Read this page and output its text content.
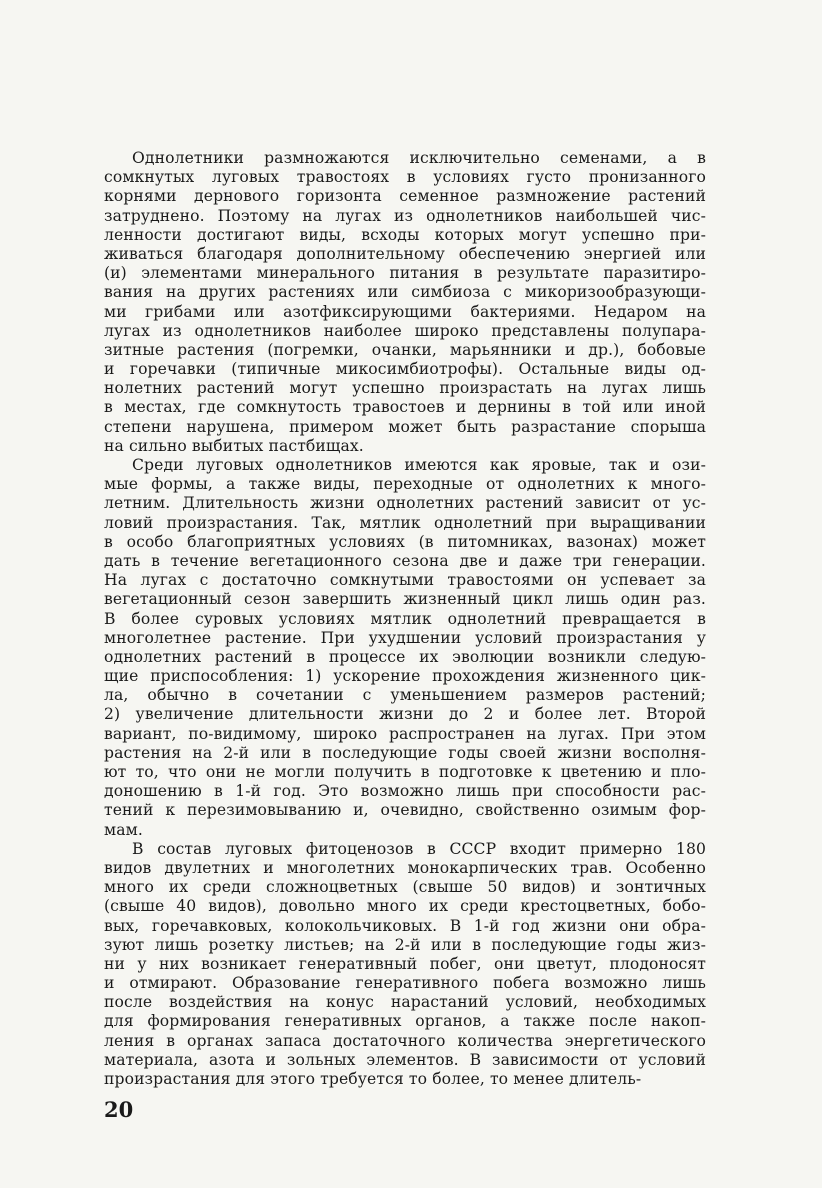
Однолетники размножаются исключительно семенами, а в
сомкнутых луговых травостоях в условиях густо пронизанного
корнями дернового горизонта семенное размножение растений
затруднено. Поэтому на лугах из однолетников наибольшей чис-
ленности достигают виды, всходы которых могут успешно при-
живаться благодаря дополнительному обеспечению энергией или
(и) элементами минерального питания в результате паразитиро-
вания на других растениях или симбиоза с микоризообразующи-
ми грибами или азотфиксирующими бактериями. Недаром на
лугах из однолетников наиболее широко представлены полупара-
зитные растения (погремки, очанки, марьянники и др.), бобовые
и горечавки (типичные микосимбиотрофы). Остальные виды од-
нолетних растений могут успешно произрастать на лугах лишь
в местах, где сомкнутость травостоев и дернины в той или иной
степени нарушена, примером может быть разрастание спорыша
на сильно выбитых пастбищах.
Среди луговых однолетников имеются как яровые, так и ози-
мые формы, а также виды, переходные от однолетних к много-
летним. Длительность жизни однолетних растений зависит от ус-
ловий произрастания. Так, мятлик однолетний при выращивании
в особо благоприятных условиях (в питомниках, вазонах) может
дать в течение вегетационного сезона две и даже три генерации.
На лугах с достаточно сомкнутыми травостоями он успевает за
вегетационный сезон завершить жизненный цикл лишь один раз.
В более суровых условиях мятлик однолетний превращается в
многолетнее растение. При ухудшении условий произрастания у
однолетних растений в процессе их эволюции возникли следую-
щие приспособления: 1) ускорение прохождения жизненного цик-
ла, обычно в сочетании с уменьшением размеров растений;
2) увеличение длительности жизни до 2 и более лет. Второй
вариант, по-видимому, широко распространен на лугах. При этом
растения на 2-й или в последующие годы своей жизни восполня-
ют то, что они не могли получить в подготовке к цветению и пло-
доношению в 1-й год. Это возможно лишь при способности рас-
тений к перезимовыванию и, очевидно, свойственно озимым фор-
мам.
В состав луговых фитоценозов в СССР входит примерно 180
видов двулетних и многолетних монокарпических трав. Особенно
много их среди сложноцветных (свыше 50 видов) и зонтичных
(свыше 40 видов), довольно много их среди крестоцветных, бобо-
вых, горечавковых, колокольчиковых. В 1-й год жизни они обра-
зуют лишь розетку листьев; на 2-й или в последующие годы жиз-
ни у них возникает генеративный побег, они цветут, плодоносят
и отмирают. Образование генеративного побега возможно лишь
после воздействия на конус нарастаний условий, необходимых
для формирования генеративных органов, а также после накоп-
ления в органах запаса достаточного количества энергетического
материала, азота и зольных элементов. В зависимости от условий
произрастания для этого требуется то более, то менее длитель-
20
